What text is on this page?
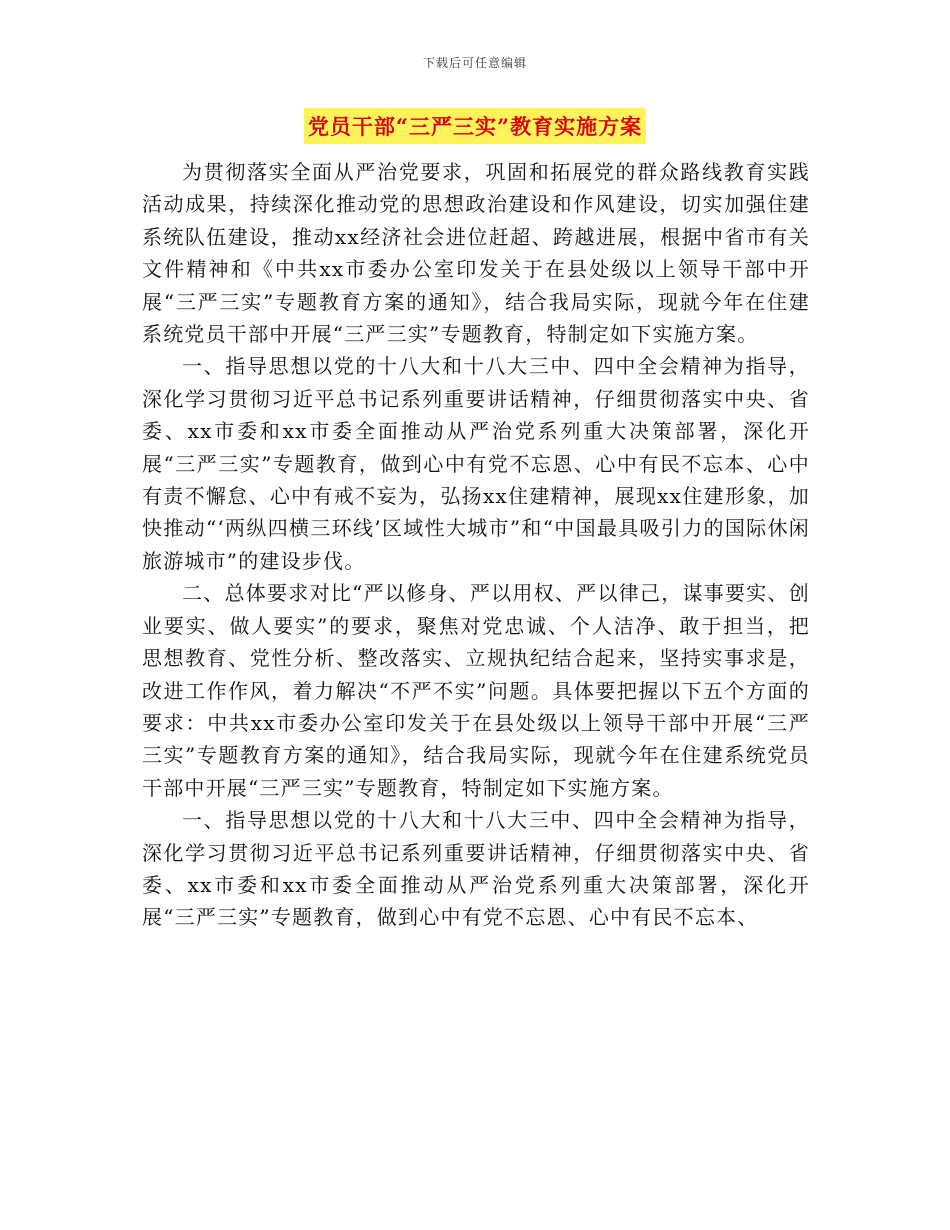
下载后可任意编辑
党员干部“三严三实”教育实施方案

为贯彻落实全面从严治党要求，巩固和拓展党的群众路线教育实践活动成果，持续深化推动党的思想政治建设和作风建设，切实加强住建系统队伍建设，推动xx经济社会进位赶超、跨越进展，根据中省市有关文件精神和《中共xx市委办公室印发关于在县处级以上领导干部中开展“三严三实”专题教育方案的通知》，结合我局实际，现就今年在住建系统党员干部中开展“三严三实”专题教育，特制定如下实施方案。

一、指导思想以党的十八大和十八大三中、四中全会精神为指导，深化学习贯彻习近平总书记系列重要讲话精神，仔细贯彻落实中央、省委、xx市委和xx市委全面推动从严治党系列重大决策部署，深化开展“三严三实”专题教育，做到心中有党不忘恩、心中有民不忘本、心中有责不懈怠、心中有戒不妄为，弘扬xx住建精神，展现xx住建形象，加快推动“‘两纵四横三环线’区域性大城市”和“中国最具吸引力的国际休闲旅游城市”的建设步伐。

二、总体要求对比“严以修身、严以用权、严以律己，谋事要实、创业要实、做人要实”的要求，聚焦对党忠诚、个人洁净、敢于担当，把思想教育、党性分析、整改落实、立规执纪结合起来，坚持实事求是，改进工作作风，着力解决“不严不实”问题。具体要把握以下五个方面的要求：中共xx市委办公室印发关于在县处级以上领导干部中开展“三严三实”专题教育方案的通知》，结合我局实际，现就今年在住建系统党员干部中开展“三严三实”专题教育，特制定如下实施方案。

一、指导思想以党的十八大和十八大三中、四中全会精神为指导，深化学习贯彻习近平总书记系列重要讲话精神，仔细贯彻落实中央、省委、xx市委和xx市委全面推动从严治党系列重大决策部署，深化开展“三严三实”专题教育，做到心中有党不忘恩、心中有民不忘本、
